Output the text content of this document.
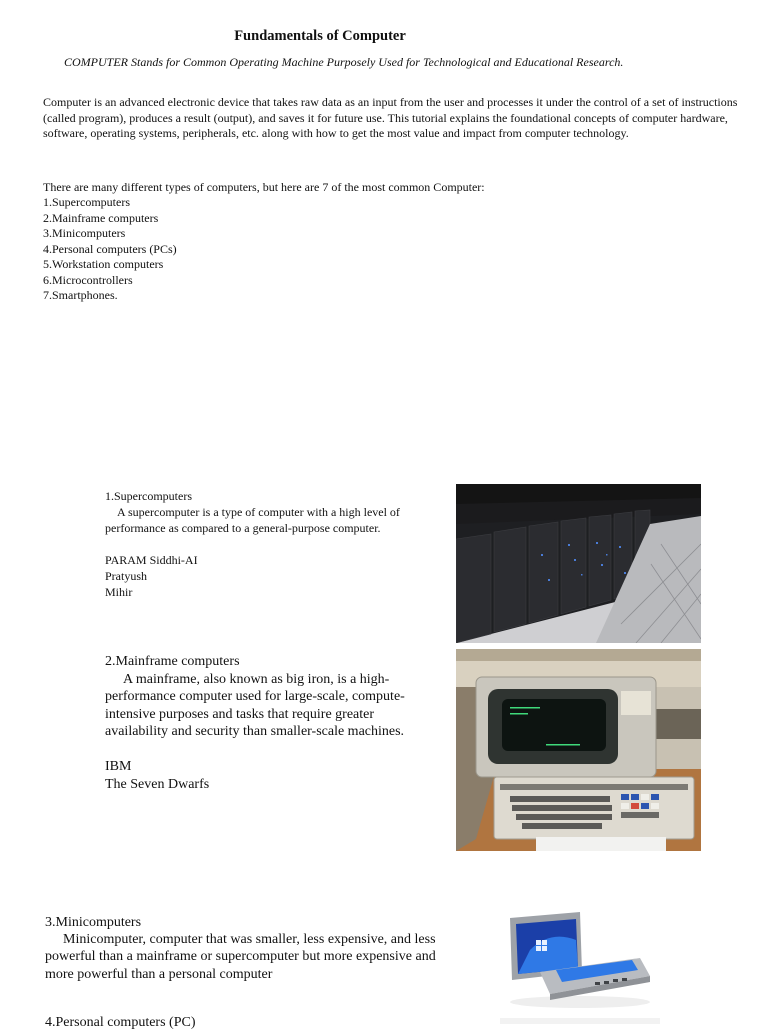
Fundamentals of Computer
COMPUTER Stands for Common Operating Machine Purposely Used for Technological and Educational Research.
Computer is an advanced electronic device that takes raw data as an input from the user and processes it under the control of a set of instructions (called program), produces a result (output), and saves it for future use. This tutorial explains the foundational concepts of computer hardware, software, operating systems, peripherals, etc. along with how to get the most value and impact from computer technology.
There are many different types of computers, but here are 7 of the most common Computer:
1.Supercomputers
2.Mainframe computers
3.Minicomputers
4.Personal computers (PCs)
5.Workstation computers
6.Microcontrollers
7.Smartphones.
1.Supercomputers
A supercomputer is a type of computer with a high level of performance as compared to a general-purpose computer.
PARAM Siddhi-AI
Pratyush
Mihir
2.Mainframe computers
A mainframe, also known as big iron, is a high-performance computer used for large-scale, compute-intensive purposes and tasks that require greater availability and security than smaller-scale machines.
IBM
The Seven Dwarfs
3.Minicomputers
Minicomputer, computer that was smaller, less expensive, and less powerful than a mainframe or supercomputer but more expensive and more powerful than a personal computer
4.Personal computers (PC)
